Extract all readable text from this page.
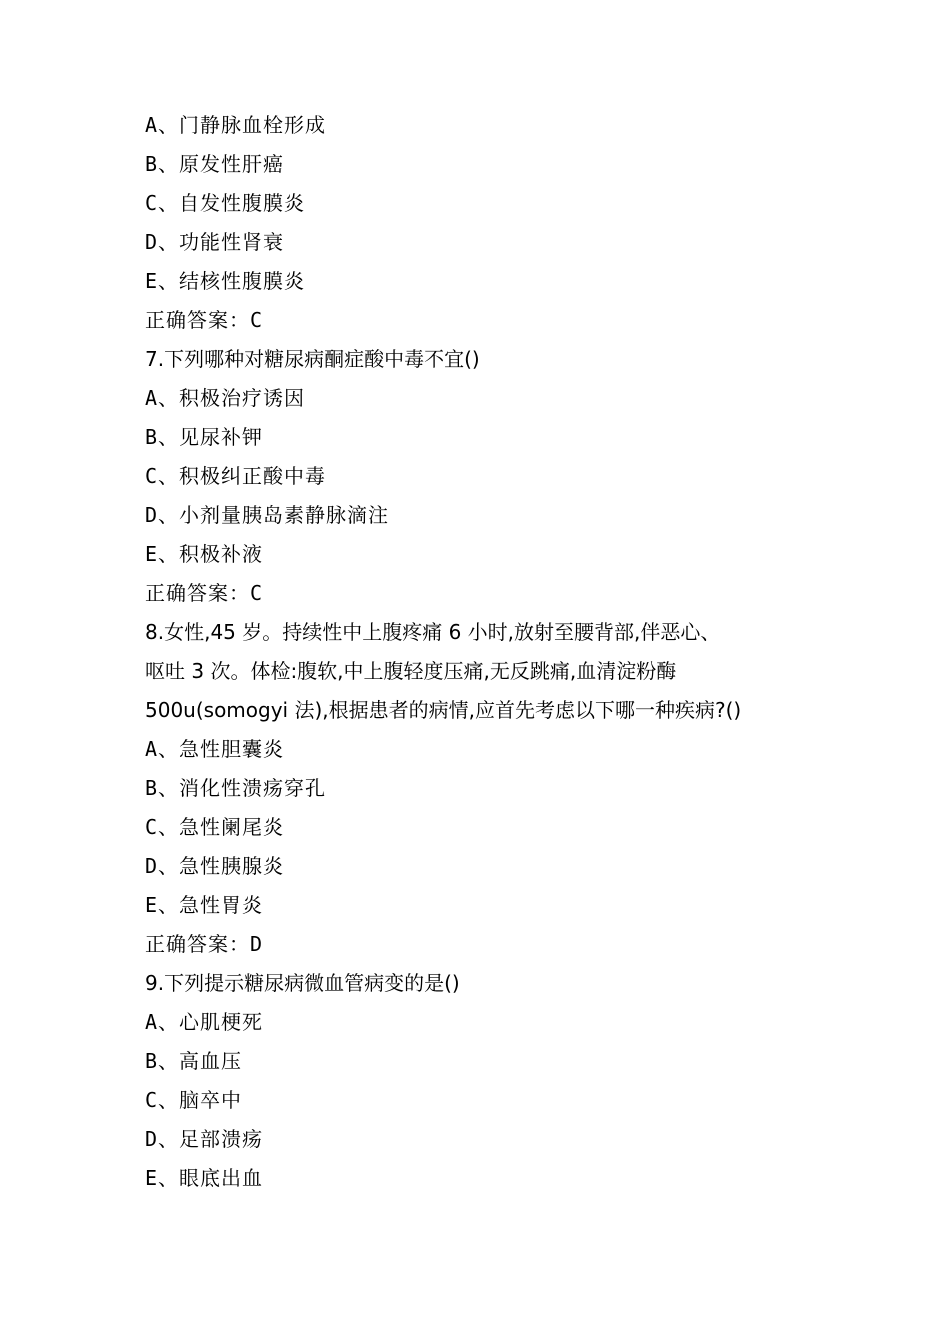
A、门静脉血栓形成
B、原发性肝癌
C、自发性腹膜炎
D、功能性肾衰
E、结核性腹膜炎
正确答案：C
7.下列哪种对糖尿病酮症酸中毒不宜()
A、积极治疗诱因
B、见尿补钾
C、积极纠正酸中毒
D、小剂量胰岛素静脉滴注
E、积极补液
正确答案：C
8.女性,45 岁。持续性中上腹疼痛 6 小时,放射至腰背部,伴恶心、
呕吐 3 次。体检:腹软,中上腹轻度压痛,无反跳痛,血清淀粉酶
500u(somogyi 法),根据患者的病情,应首先考虑以下哪一种疾病?()
A、急性胆囊炎
B、消化性溃疡穿孔
C、急性阑尾炎
D、急性胰腺炎
E、急性胃炎
正确答案：D
9.下列提示糖尿病微血管病变的是()
A、心肌梗死
B、高血压
C、脑卒中
D、足部溃疡
E、眼底出血
